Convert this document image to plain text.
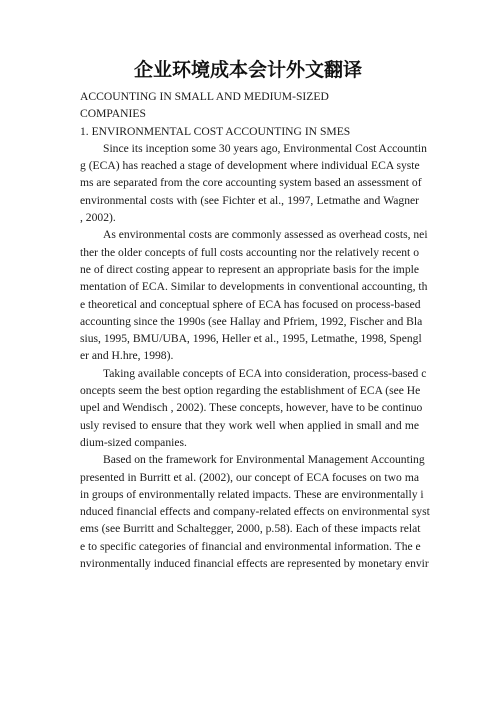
企业环境成本会计外文翻译
ACCOUNTING IN SMALL AND MEDIUM-SIZED
COMPANIES
1. ENVIRONMENTAL COST ACCOUNTING IN SMES
Since its inception some 30 years ago, Environmental Cost Accountin
g (ECA) has reached a stage of development where individual ECA syste
ms are separated from the core accounting system based an assessment of
environmental costs with (see Fichter et al., 1997, Letmathe and Wagner
, 2002).
As environmental costs are commonly assessed as overhead costs, nei
ther the older concepts of full costs accounting nor the relatively recent o
ne of direct costing appear to represent an appropriate basis for the imple
mentation of ECA. Similar to developments in conventional accounting, th
e theoretical and conceptual sphere of ECA has focused on process-based
accounting since the 1990s (see Hallay and Pfriem, 1992, Fischer and Bla
sius, 1995, BMU/UBA, 1996, Heller et al., 1995, Letmathe, 1998, Spengl
er and H.hre, 1998).
Taking available concepts of ECA into consideration, process-based c
oncepts seem the best option regarding the establishment of ECA (see He
upel and Wendisch , 2002). These concepts, however, have to be continuo
usly revised to ensure that they work well when applied in small and me
dium-sized companies.
Based on the framework for Environmental Management Accounting
presented in Burritt et al. (2002), our concept of ECA focuses on two ma
in groups of environmentally related impacts. These are environmentally i
nduced financial effects and company-related effects on environmental syst
ems (see Burritt and Schaltegger, 2000, p.58). Each of these impacts relat
e to specific categories of financial and environmental information. The e
nvironmentally induced financial effects are represented by monetary envir
